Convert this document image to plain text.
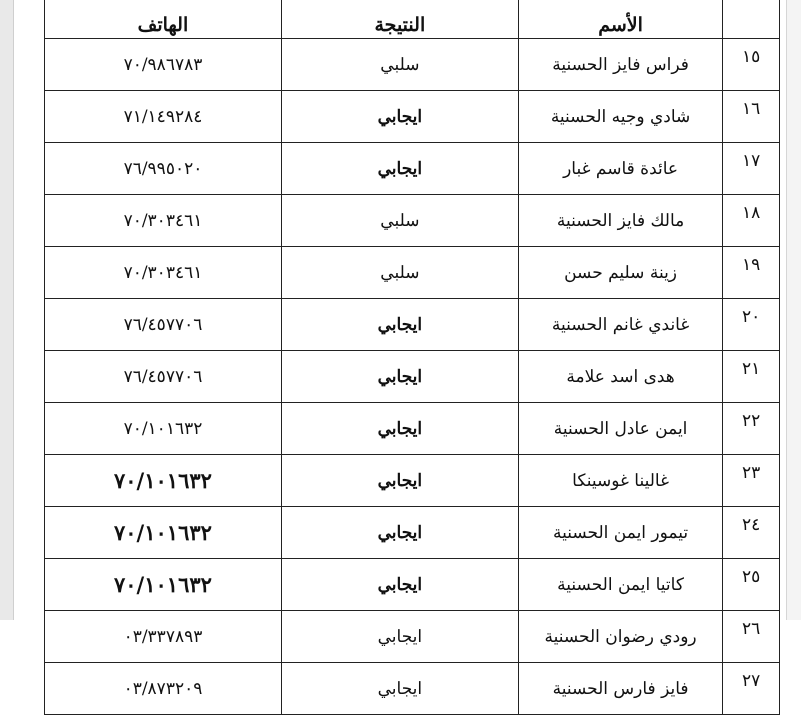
	الأسم	النتيجة	الهاتف
١٥	فراس فايز الحسنية	سلبي	٧٠/٩٨٦٧٨٣
١٦	شادي وجيه الحسنية	ايجابي	٧١/١٤٩٢٨٤
١٧	عائدة قاسم غبار	ايجابي	٧٦/٩٩٥٠٢٠
١٨	مالك فايز الحسنية	سلبي	٧٠/٣٠٣٤٦١
١٩	زينة سليم حسن	سلبي	٧٠/٣٠٣٤٦١
٢٠	غاندي غانم الحسنية	ايجابي	٧٦/٤٥٧٧٠٦
٢١	هدى اسد علامة	ايجابي	٧٦/٤٥٧٧٠٦
٢٢	ايمن عادل الحسنية	ايجابي	٧٠/١٠١٦٣٢
٢٣	غالينا غوسينكا	ايجابي	٧٠/١٠١٦٣٢
٢٤	تيمور ايمن الحسنية	ايجابي	٧٠/١٠١٦٣٢
٢٥	كاتيا ايمن الحسنية	ايجابي	٧٠/١٠١٦٣٢
٢٦	رودي رضوان الحسنية	ايجابي	٠٣/٣٣٧٨٩٣
٢٧	فايز فارس الحسنية	ايجابي	٠٣/٨٧٣٢٠٩
